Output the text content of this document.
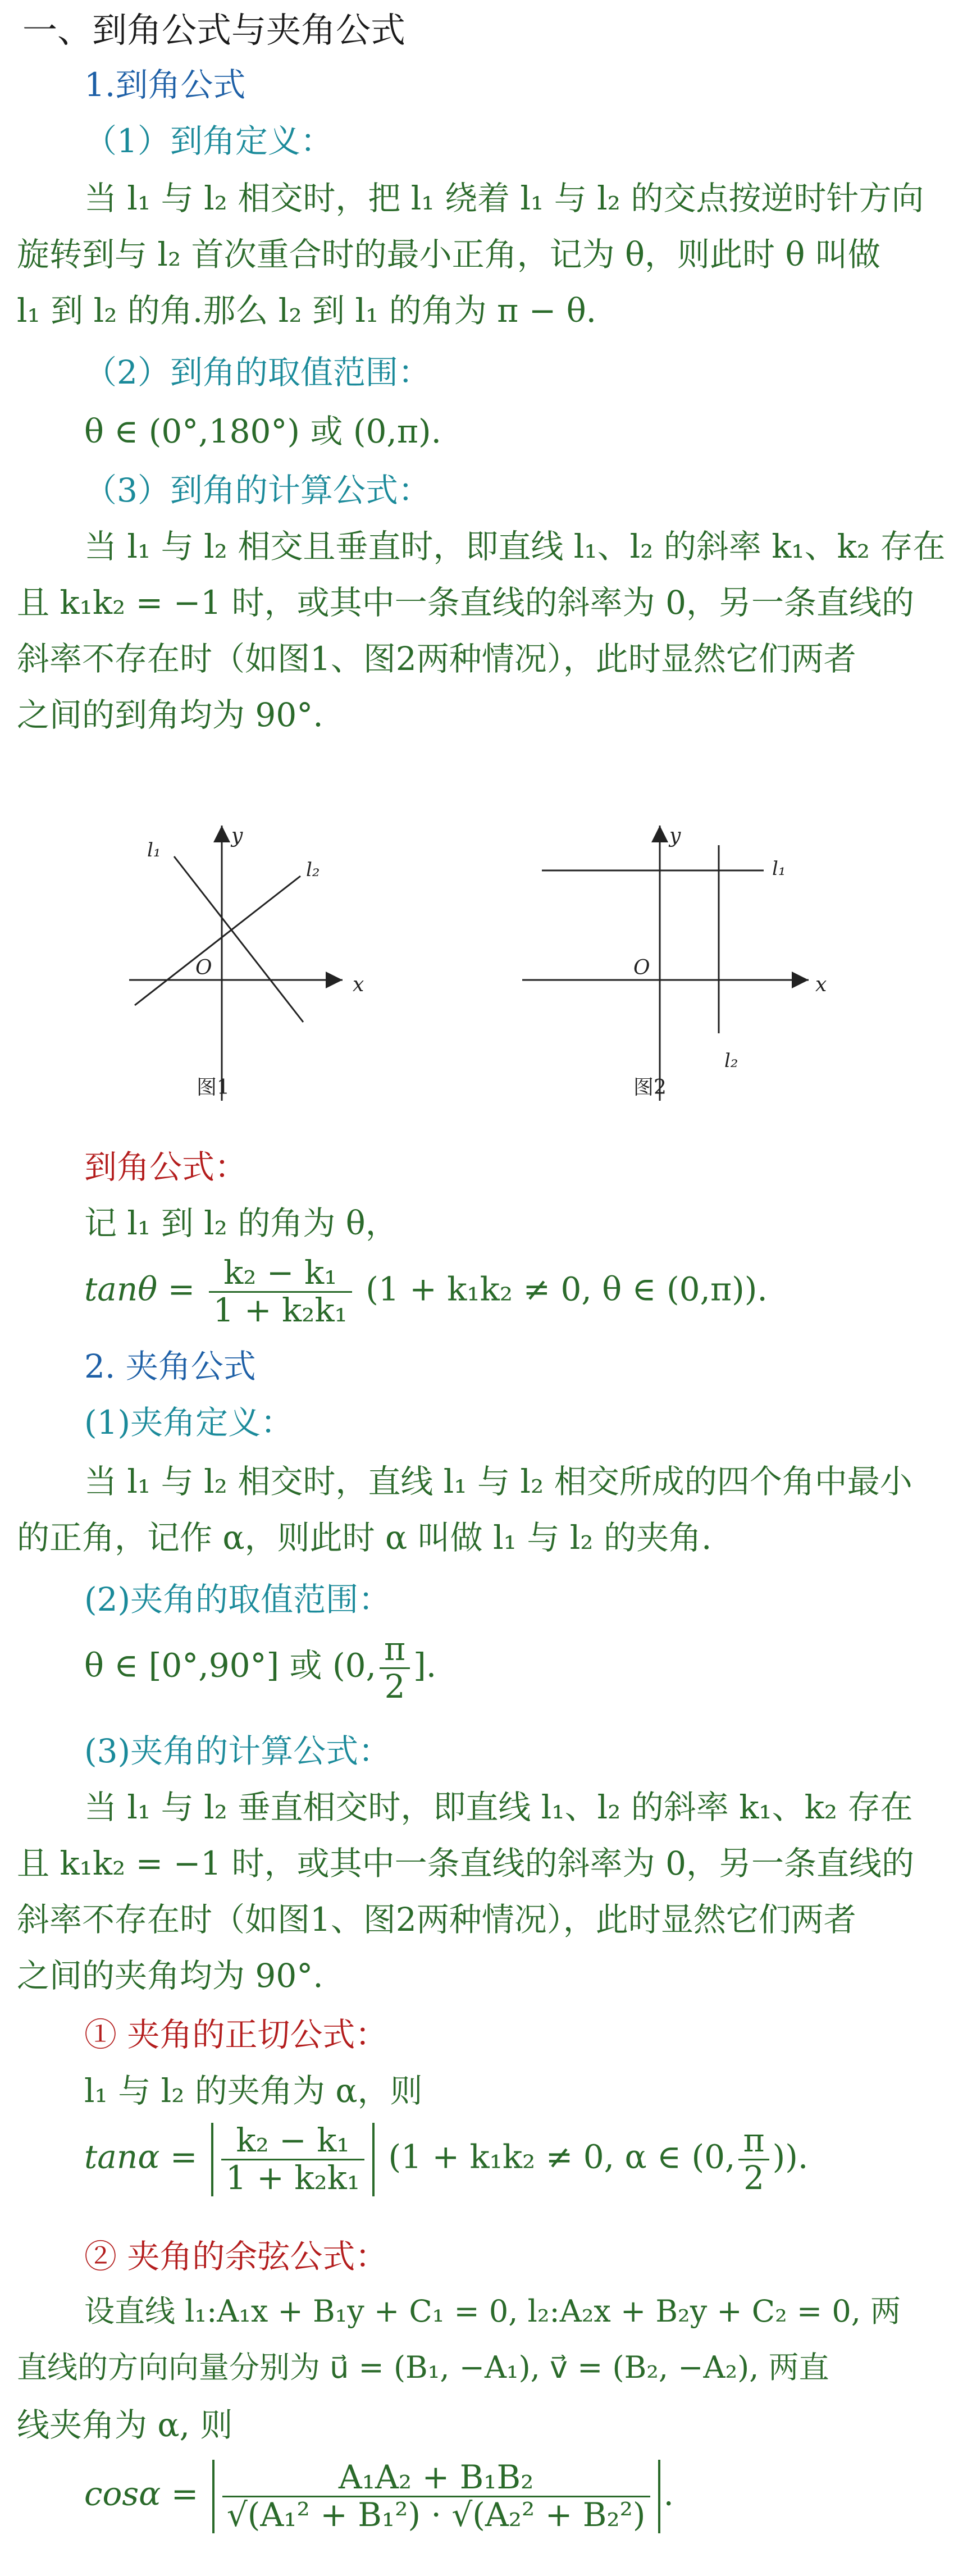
一、到角公式与夹角公式
1.到角公式
（1）到角定义：
当 l₁ 与 l₂ 相交时，把 l₁ 绕着 l₁ 与 l₂ 的交点按逆时针方向
旋转到与 l₂ 首次重合时的最小正角，记为 θ，则此时 θ 叫做
l₁ 到 l₂ 的角.那么 l₂ 到 l₁ 的角为 π − θ.
（2）到角的取值范围：
θ ∈ (0°,180°) 或 (0,π).
（3）到角的计算公式：
当 l₁ 与 l₂ 相交且垂直时，即直线 l₁、l₂ 的斜率 k₁、k₂ 存在
且 k₁k₂ = −1 时，或其中一条直线的斜率为 0，另一条直线的
斜率不存在时（如图1、图2两种情况），此时显然它们两者
之间的到角均为 90°.
l₁
l₂
y
x
O
图1
l₁
l₂
y
x
O
图2
到角公式：
记 l₁ 到 l₂ 的角为 θ，
$\tan\theta = \frac{\text{k₂ − k₁}}{\text{1 + k₂k₁}} (1 + k_1k_2 \ne 0$, θ ∈ (0,π)).
2. 夹角公式
(1)夹角定义：
当 l₁ 与 l₂ 相交时，直线 l₁ 与 l₂ 相交所成的四个角中最小
的正角，记作 α，则此时 α 叫做 l₁ 与 l₂ 的夹角.
(2)夹角的取值范围：
θ ∈ [0°,90°] 或 (0, $\frac{\pi}{2}$ ].
(3)夹角的计算公式：
当 l₁ 与 l₂ 垂直相交时，即直线 l₁、l₂ 的斜率 k₁、k₂ 存在
且 k₁k₂ = −1 时，或其中一条直线的斜率为 0，另一条直线的
斜率不存在时（如图1、图2两种情况），此时显然它们两者
之间的夹角均为 90°.
① 夹角的正切公式：
l₁ 与 l₂ 的夹角为 α，则
$\tan\alpha = \frac{\text{k₂ − k₁}}{\text{1 + k₂k₁}} (1 + k_1k_2 \ne 0$, α ∈ (0, $\frac{\pi}{2}$ )).
② 夹角的余弦公式：
设直线 l₁:A₁x + B₁y + C₁ = 0, l₂:A₂x + B₂y + C₂ = 0, 两
直线的方向向量分别为 u⃗ = (B₁, −A₁), v⃗ = (B₂, −A₂), 两直
线夹角为 α, 则
$\cos\alpha = \frac{\text{A₁A₂ + B₁B₂}}{\text{√(A₁² + B₁²) · √(A₂² + B₂²)}}$ .
